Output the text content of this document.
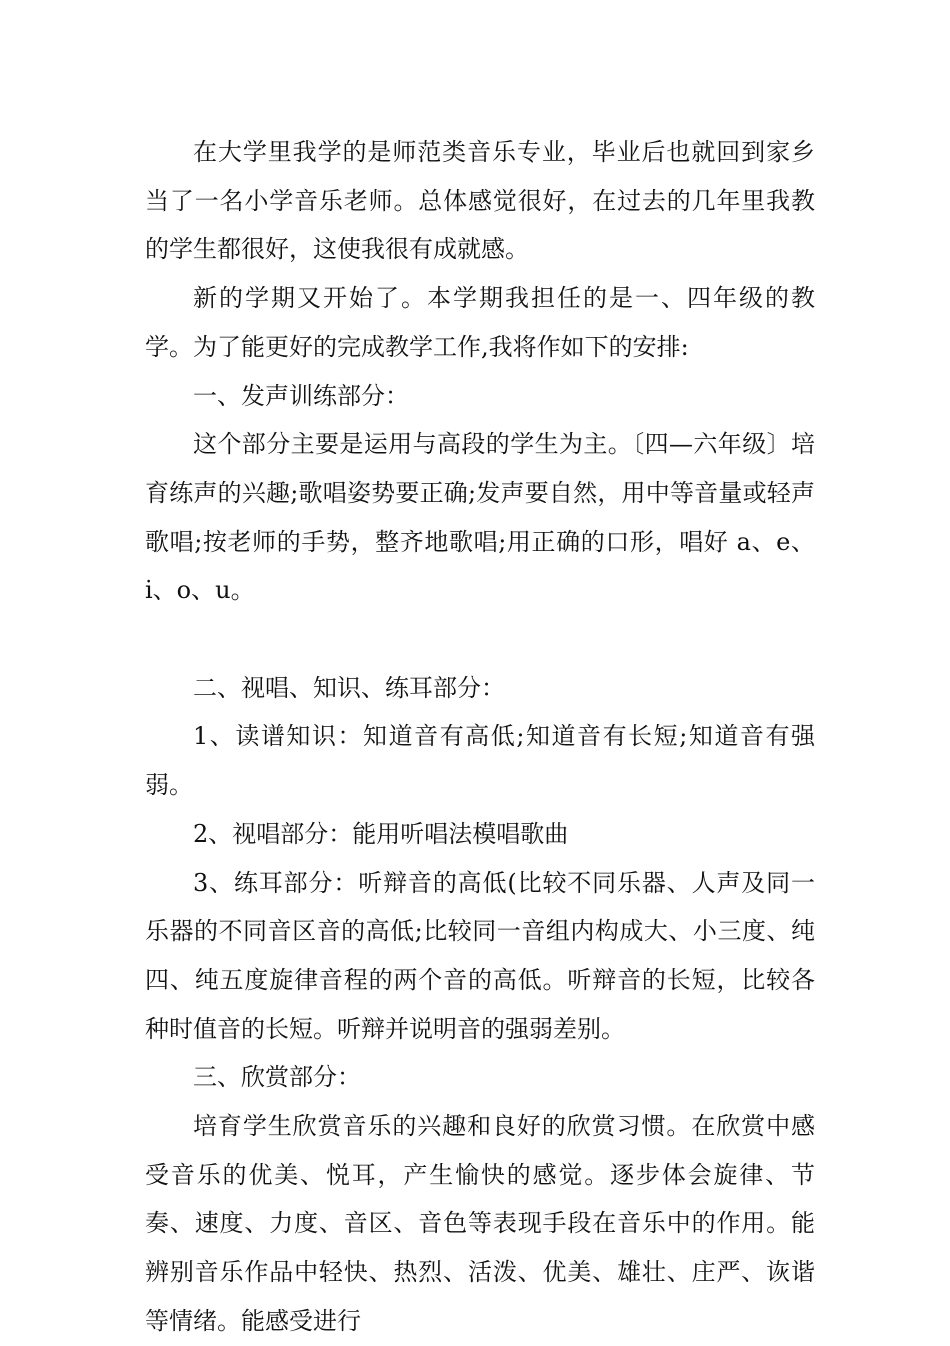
在大学里我学的是师范类音乐专业，毕业后也就回到家乡当了一名小学音乐老师。总体感觉很好，在过去的几年里我教的学生都很好，这使我很有成就感。

新的学期又开始了。本学期我担任的是一、四年级的教学。为了能更好的完成教学工作,我将作如下的安排:

一、发声训练部分：

这个部分主要是运用与高段的学生为主。〔四—六年级〕培育练声的兴趣;歌唱姿势要正确;发声要自然，用中等音量或轻声歌唱;按老师的手势，整齐地歌唱;用正确的口形，唱好 a、e、i、o、u。

二、视唱、知识、练耳部分：

1、读谱知识：知道音有高低;知道音有长短;知道音有强弱。

2、视唱部分：能用听唱法模唱歌曲

3、练耳部分：听辩音的高低(比较不同乐器、人声及同一乐器的不同音区音的高低;比较同一音组内构成大、小三度、纯四、纯五度旋律音程的两个音的高低。听辩音的长短，比较各种时值音的长短。听辩并说明音的强弱差别。

三、欣赏部分：

培育学生欣赏音乐的兴趣和良好的欣赏习惯。在欣赏中感受音乐的优美、悦耳，产生愉快的感觉。逐步体会旋律、节奏、速度、力度、音区、音色等表现手段在音乐中的作用。能辨别音乐作品中轻快、热烈、活泼、优美、雄壮、庄严、诙谐等情绪。能感受进行
